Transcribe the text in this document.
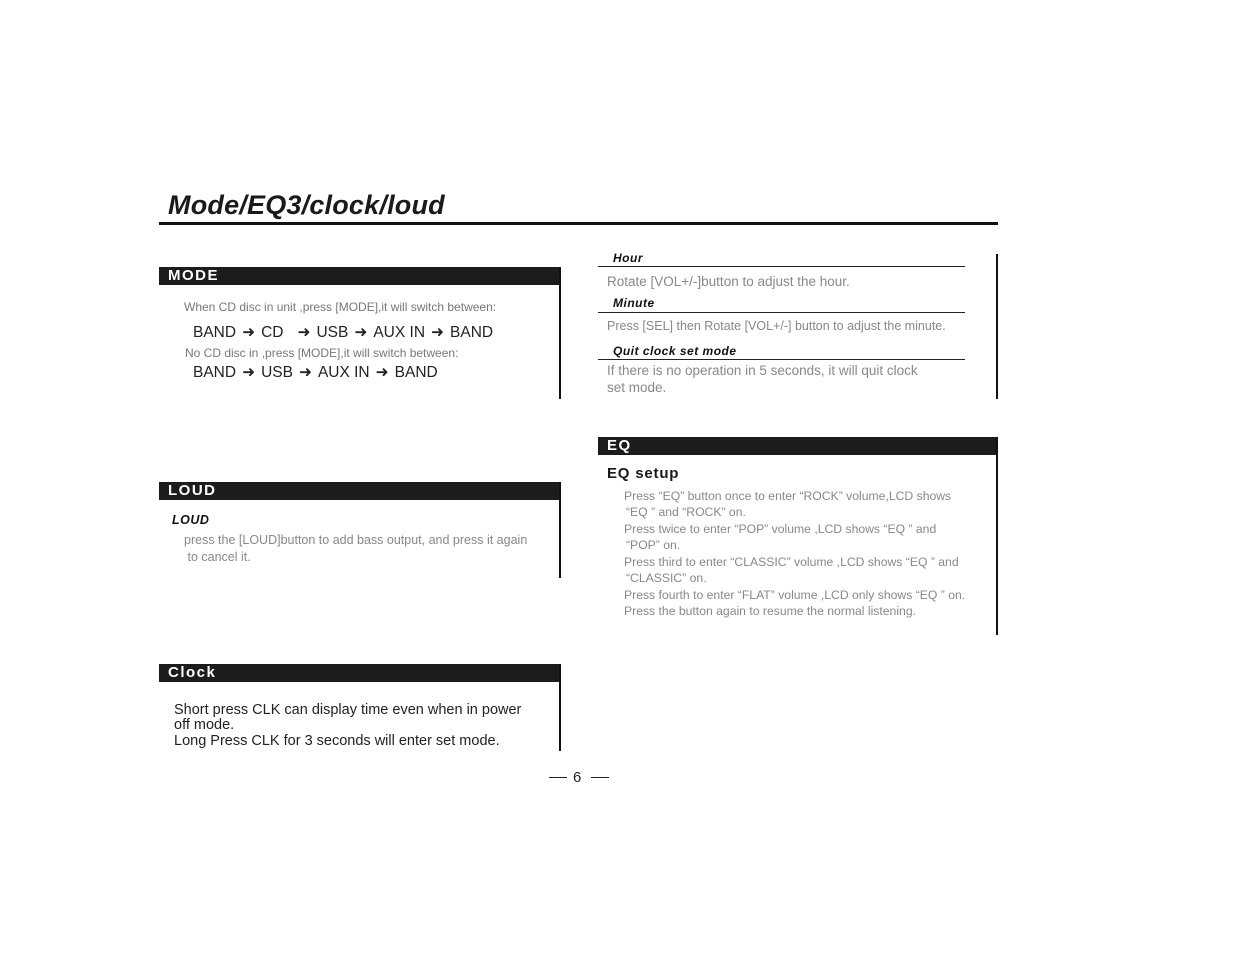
Mode/EQ3/clock/loud
MODE
When CD disc in unit ,press [MODE],it will switch between:
BAND ➜ CD ➜ USB ➜ AUX IN ➜ BAND
No CD disc in ,press [MODE],it will switch between:
BAND ➜ USB ➜ AUX IN ➜ BAND
LOUD
LOUD
press the [LOUD]button to add bass output, and press it again
to cancel it.
Clock
Short press CLK can display time even when in power
off mode.
Long Press CLK for 3 seconds will enter set mode.
Hour
Rotate [VOL+/-]button to adjust the hour.
Minute
Press [SEL] then Rotate [VOL+/-] button to adjust the minute.
Quit clock set mode
If there is no operation in 5 seconds, it will quit clock
set mode.
EQ
EQ setup
Press “EQ” button once to enter “ROCK” volume,LCD shows
“EQ ” and “ROCK” on.
Press twice to enter “POP” volume ,LCD shows “EQ ” and
“POP” on.
Press third to enter “CLASSIC” volume ,LCD shows “EQ ” and
“CLASSIC” on.
Press fourth to enter “FLAT” volume ,LCD only shows “EQ ” on.
Press the button again to resume the normal listening.
6
